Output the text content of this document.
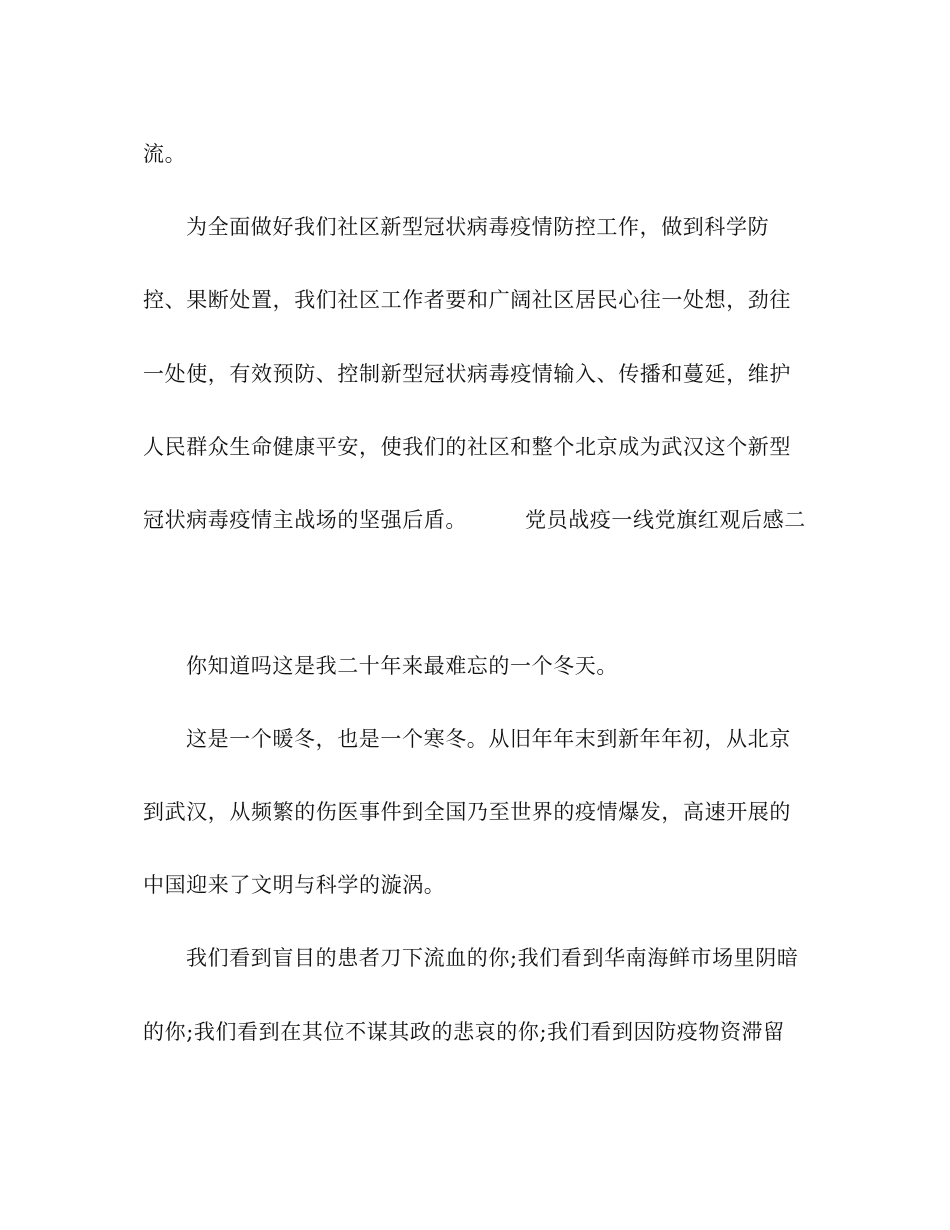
流。
为全面做好我们社区新型冠状病毒疫情防控工作，做到科学防
控、果断处置，我们社区工作者要和广阔社区居民心往一处想，劲往
一处使，有效预防、控制新型冠状病毒疫情输入、传播和蔓延，维护
人民群众生命健康平安，使我们的社区和整个北京成为武汉这个新型
冠状病毒疫情主战场的坚强后盾。	党员战疫一线党旗红观后感二
你知道吗这是我二十年来最难忘的一个冬天。
这是一个暖冬，也是一个寒冬。从旧年年末到新年年初，从北京
到武汉，从频繁的伤医事件到全国乃至世界的疫情爆发，高速开展的
中国迎来了文明与科学的漩涡。
我们看到盲目的患者刀下流血的你;我们看到华南海鲜市场里阴暗
的你;我们看到在其位不谋其政的悲哀的你;我们看到因防疫物资滞留
